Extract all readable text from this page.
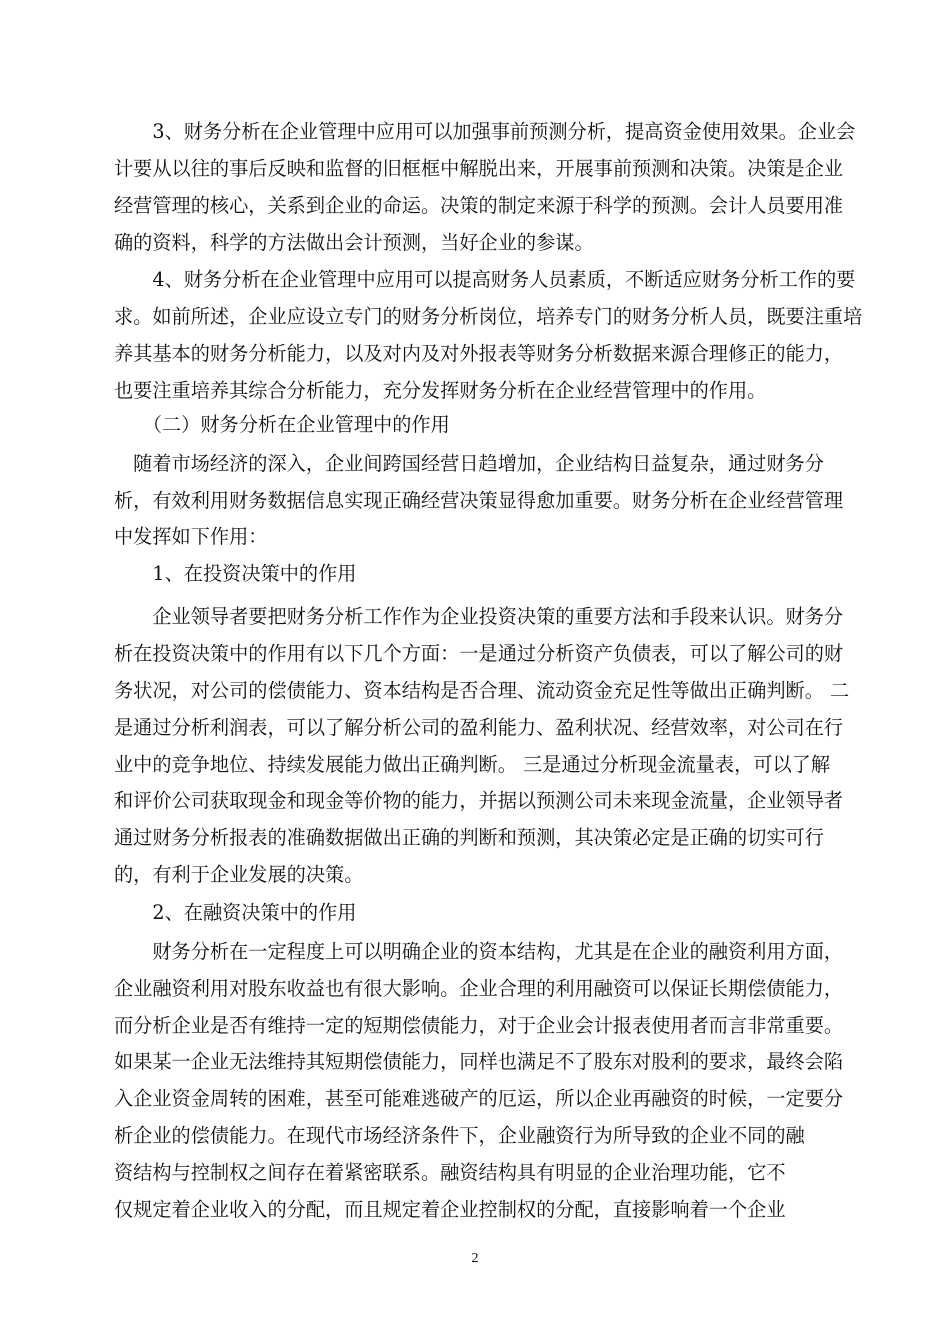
　　3、财务分析在企业管理中应用可以加强事前预测分析，提高资金使用效果。企业会
计要从以往的事后反映和监督的旧框框中解脱出来，开展事前预测和决策。决策是企业
经营管理的核心，关系到企业的命运。决策的制定来源于科学的预测。会计人员要用准
确的资料，科学的方法做出会计预测，当好企业的参谋。
　　4、财务分析在企业管理中应用可以提高财务人员素质，不断适应财务分析工作的要
求。如前所述，企业应设立专门的财务分析岗位，培养专门的财务分析人员，既要注重培
养其基本的财务分析能力，以及对内及对外报表等财务分析数据来源合理修正的能力，
也要注重培养其综合分析能力，充分发挥财务分析在企业经营管理中的作用。
　　（二）财务分析在企业管理中的作用
　随着市场经济的深入，企业间跨国经营日趋增加，企业结构日益复杂，通过财务分
析，有效利用财务数据信息实现正确经营决策显得愈加重要。财务分析在企业经营管理
中发挥如下作用：
　　1、在投资决策中的作用
　　企业领导者要把财务分析工作作为企业投资决策的重要方法和手段来认识。财务分
析在投资决策中的作用有以下几个方面：一是通过分析资产负债表，可以了解公司的财
务状况，对公司的偿债能力、资本结构是否合理、流动资金充足性等做出正确判断。 二
是通过分析利润表，可以了解分析公司的盈利能力、盈利状况、经营效率，对公司在行
业中的竞争地位、持续发展能力做出正确判断。 三是通过分析现金流量表，可以了解
和评价公司获取现金和现金等价物的能力，并据以预测公司未来现金流量，企业领导者
通过财务分析报表的准确数据做出正确的判断和预测，其决策必定是正确的切实可行
的，有利于企业发展的决策。
　　2、在融资决策中的作用
　　财务分析在一定程度上可以明确企业的资本结构，尤其是在企业的融资利用方面，
企业融资利用对股东收益也有很大影响。企业合理的利用融资可以保证长期偿债能力，
而分析企业是否有维持一定的短期偿债能力，对于企业会计报表使用者而言非常重要。
如果某一企业无法维持其短期偿债能力，同样也满足不了股东对股利的要求，最终会陷
入企业资金周转的困难，甚至可能难逃破产的厄运，所以企业再融资的时候，一定要分
析企业的偿债能力。在现代市场经济条件下，企业融资行为所导致的企业不同的融
资结构与控制权之间存在着紧密联系。融资结构具有明显的企业治理功能，它不
仅规定着企业收入的分配，而且规定着企业控制权的分配，直接影响着一个企业
2
